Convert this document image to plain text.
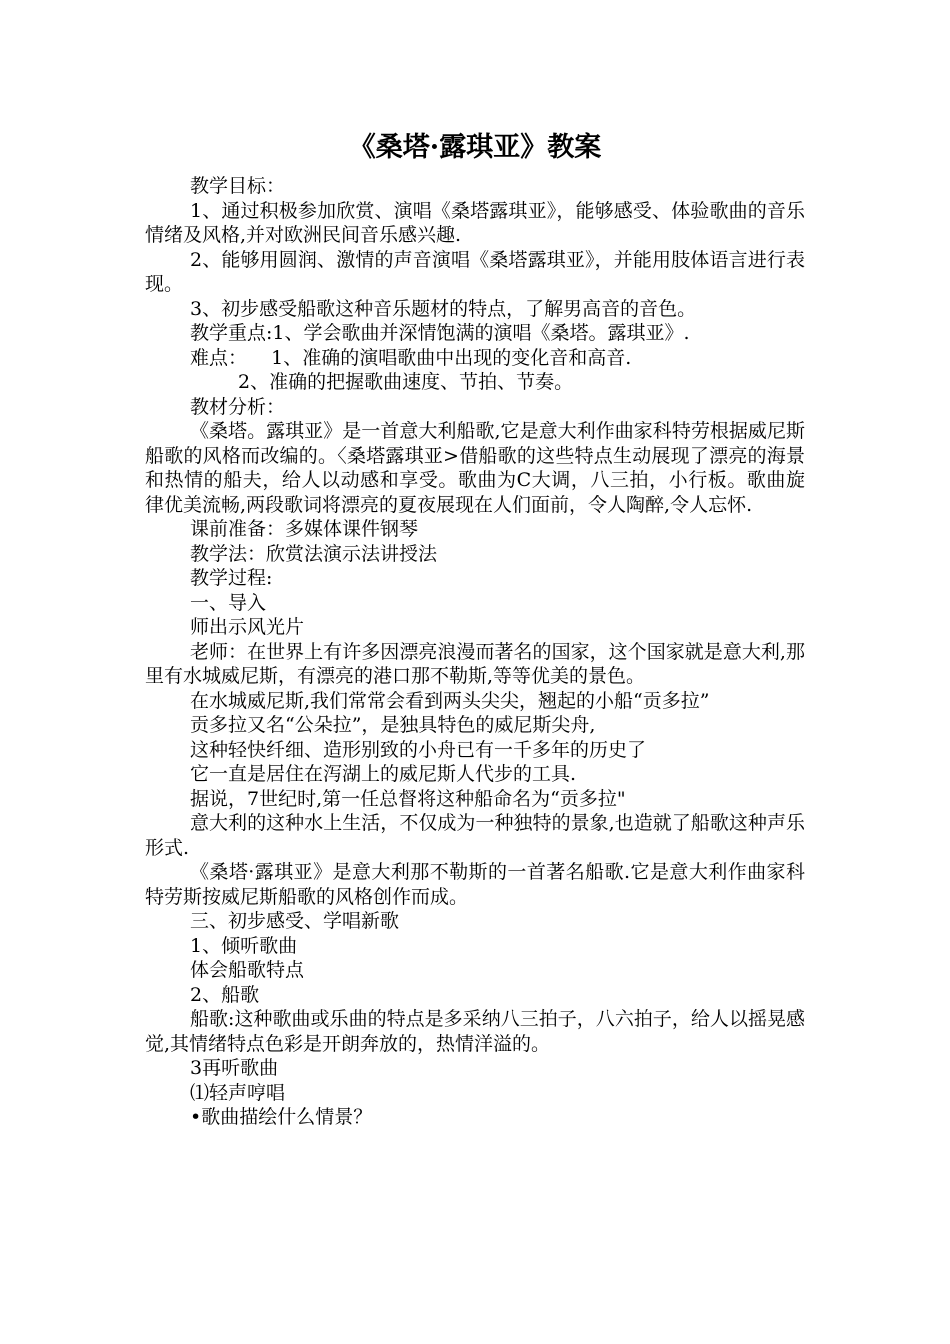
《桑塔·露琪亚》教案

教学目标：

1、通过积极参加欣赏、演唱《桑塔露琪亚》，能够感受、体验歌曲的音乐情绪及风格,并对欧洲民间音乐感兴趣.

2、能够用圆润、激情的声音演唱《桑塔露琪亚》，并能用肢体语言进行表现。

3、初步感受船歌这种音乐题材的特点，了解男高音的音色。

教学重点:1、学会歌曲并深情饱满的演唱《桑塔。露琪亚》.

难点：    1、准确的演唱歌曲中出现的变化音和高音.

2、准确的把握歌曲速度、节拍、节奏。

教材分析：

《桑塔。露琪亚》是一首意大利船歌,它是意大利作曲家科特劳根据威尼斯船歌的风格而改编的。〈桑塔露琪亚>借船歌的这些特点生动展现了漂亮的海景和热情的船夫，给人以动感和享受。歌曲为C大调，八三拍，小行板。歌曲旋律优美流畅,两段歌词将漂亮的夏夜展现在人们面前，令人陶醉,令人忘怀.

课前准备：多媒体课件钢琴

教学法：欣赏法演示法讲授法

教学过程:

一、导入

师出示风光片

老师：在世界上有许多因漂亮浪漫而著名的国家，这个国家就是意大利,那里有水城威尼斯，有漂亮的港口那不勒斯,等等优美的景色。

在水城威尼斯,我们常常会看到两头尖尖，翘起的小船“贡多拉”

贡多拉又名“公朵拉”，是独具特色的威尼斯尖舟,

这种轻快纤细、造形别致的小舟已有一千多年的历史了

它一直是居住在泻湖上的威尼斯人代步的工具.

据说，7世纪时,第一任总督将这种船命名为“贡多拉"

意大利的这种水上生活，不仅成为一种独特的景象,也造就了船歌这种声乐形式.

《桑塔·露琪亚》是意大利那不勒斯的一首著名船歌.它是意大利作曲家科特劳斯按威尼斯船歌的风格创作而成。

三、初步感受、学唱新歌

1、倾听歌曲

体会船歌特点

2、船歌

船歌:这种歌曲或乐曲的特点是多采纳八三拍子，八六拍子，给人以摇晃感觉,其情绪特点色彩是开朗奔放的，热情洋溢的。

3再听歌曲

⑴轻声哼唱

•歌曲描绘什么情景？
